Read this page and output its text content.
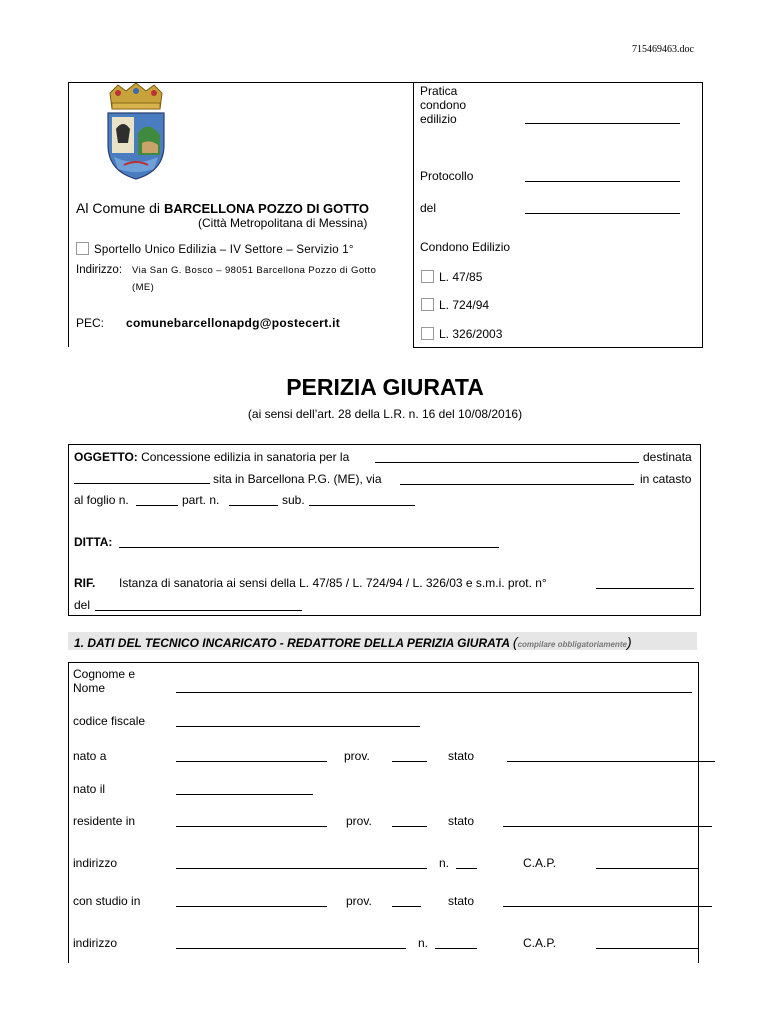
715469463.doc
Al Comune di BARCELLONA POZZO DI GOTTO
(Città Metropolitana di Messina)
Sportello Unico Edilizia – IV Settore – Servizio 1°
Indirizzo: Via San G. Bosco – 98051 Barcellona Pozzo di Gotto
(ME)
PEC: comunebarcellonapdg@postecert.it
Pratica
condono
edilizio
Protocollo
del
Condono Edilizio
L. 47/85
L. 724/94
L. 326/2003
PERIZIA GIURATA
(ai sensi dell’art. 28 della L.R. n. 16 del 10/08/2016)
OGGETTO: Concessione edilizia in sanatoria per la	destinata
sita in Barcellona P.G. (ME), via	in catasto
al foglio n.	part. n.	sub.
DITTA:
RIF. Istanza di sanatoria ai sensi della L. 47/85 / L. 724/94 / L. 326/03 e s.m.i. prot. n°
del
1. DATI DEL TECNICO INCARICATO - REDATTORE DELLA PERIZIA GIURATA (compilare obbligatoriamente)
Cognome e
Nome
codice fiscale
nato a	prov.	stato
nato il
residente in	prov.	stato
indirizzo	n.	C.A.P.
con studio in	prov.	stato
indirizzo	n.	C.A.P.
